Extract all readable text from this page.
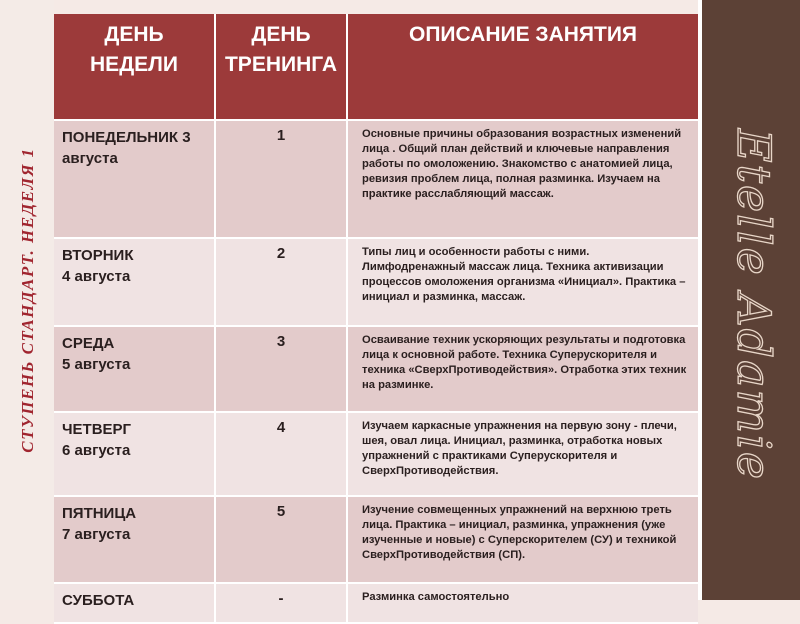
СТУПЕНЬ СТАНДАРТ. НЕДЕЛЯ 1
ДЕНЬ НЕДЕЛИ	ДЕНЬ ТРЕНИНГА	ОПИСАНИЕ ЗАНЯТИЯ
ПОНЕДЕЛЬНИК 3 августа	1	Основные причины образования возрастных изменений лица . Общий план действий и ключевые направления работы по омоложению. Знакомство с анатомией лица, ревизия проблем лица, полная разминка. Изучаем на практике расслабляющий массаж.
ВТОРНИК
4 августа	2	Типы лиц и особенности работы с ними. Лимфодренажный массаж лица. Техника активизации процессов омоложения организма «Инициал». Практика – инициал и разминка, массаж.
СРЕДА
5 августа	3	Осваивание техник ускоряющих результаты и подготовка лица к основной работе. Техника Суперускорителя и техника «СверхПротиводействия». Отработка этих техник на разминке.
ЧЕТВЕРГ
6 августа	4	Изучаем каркасные упражнения на первую зону - плечи, шея, овал лица. Инициал, разминка, отработка новых упражнений с практиками Суперускорителя и СверхПротиводействия.
ПЯТНИЦА
7 августа	5	Изучение совмещенных упражнений на верхнюю треть лица. Практика – инициал, разминка, упражнения (уже изученные и новые) с Суперскорителем (СУ) и техникой СверхПротиводействия (СП).
СУББОТА	-	Разминка самостоятельно
Etelle Adamie
